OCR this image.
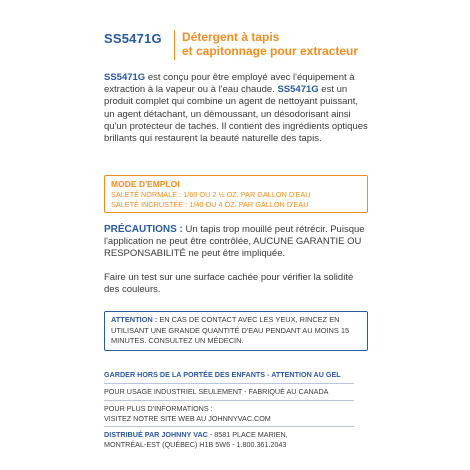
SS5471G Détergent à tapis
et capitonnage pour extracteur
SS5471G est conçu pour être employé avec l'équipement à extraction à la vapeur ou à l'eau chaude. SS5471G est un produit complet qui combine un agent de nettoyant puissant, un agent détachant, un démoussant, un désodorisant ainsi qu'un protecteur de taches. Il contient des ingrédients optiques brillants qui restaurent la beauté naturelle des tapis.
MODE D'EMPLOI
SALETÉ NORMALE : 1/60 OU 2 ½ OZ. PAR GALLON D'EAU
SALETÉ INCRUSTÉE : 1/40 OU 4 OZ. PAR GALLON D'EAU
PRÉCAUTIONS : Un tapis trop mouillé peut rétrécir. Puisque l'application ne peut être contrôlée, AUCUNE GARANTIE OU RESPONSABILITÉ ne peut être impliquée.
Faire un test sur une surface cachée pour vérifier la solidité des couleurs.
ATTENTION : EN CAS DE CONTACT AVEC LES YEUX, RINCEZ EN UTILISANT UNE GRANDE QUANTITÉ D'EAU PENDANT AU MOINS 15 MINUTES. CONSULTEZ UN MÉDECIN.
GARDER HORS DE LA PORTÉE DES ENFANTS - ATTENTION AU GEL
POUR USAGE INDUSTRIEL SEULEMENT - FABRIQUÉ AU CANADA
POUR PLUS D'INFORMATIONS :
VISITEZ NOTRE SITE WEB AU JOHNNYVAC.COM
DISTRIBUÉ PAR JOHNNY VAC - 8581 PLACE MARIEN,
MONTRÉAL-EST (QUÉBEC) H1B 5W6 - 1.800.361.2043
